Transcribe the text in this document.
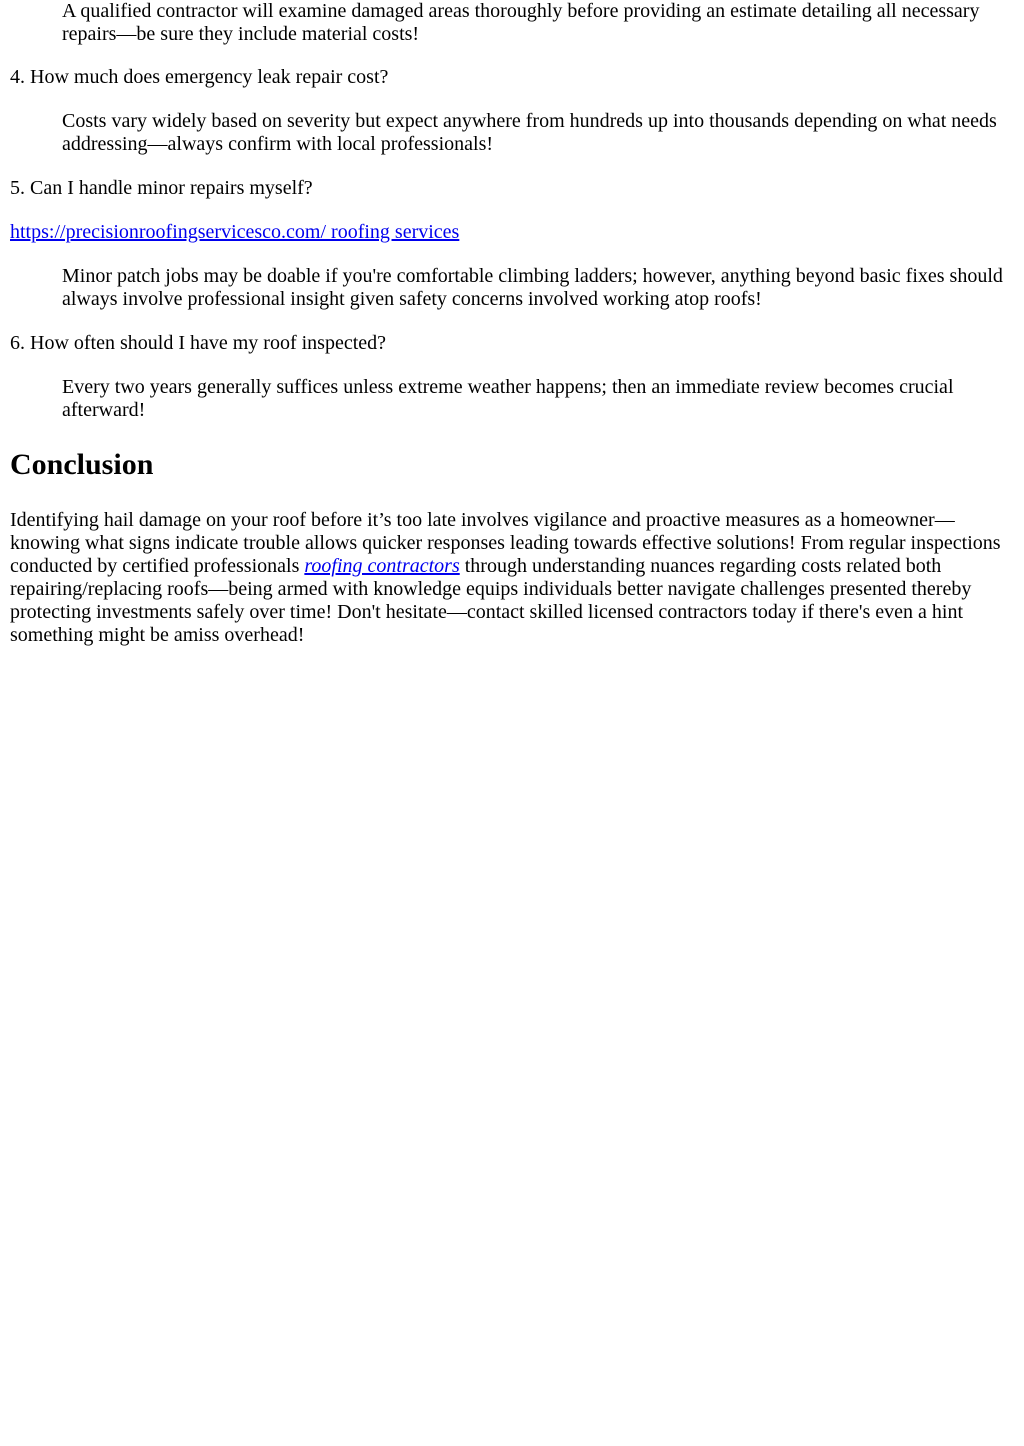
A qualified contractor will examine damaged areas thoroughly before providing an estimate detailing all necessary repairs—be sure they include material costs!

4. How much does emergency leak repair cost?

Costs vary widely based on severity but expect anywhere from hundreds up into thousands depending on what needs addressing—always confirm with local professionals!

5. Can I handle minor repairs myself?

https://precisionroofingservicesco.com/ roofing services

Minor patch jobs may be doable if you're comfortable climbing ladders; however, anything beyond basic fixes should always involve professional insight given safety concerns involved working atop roofs!

6. How often should I have my roof inspected?

Every two years generally suffices unless extreme weather happens; then an immediate review becomes crucial afterward!

Conclusion

Identifying hail damage on your roof before it’s too late involves vigilance and proactive measures as a homeowner—knowing what signs indicate trouble allows quicker responses leading towards effective solutions! From regular inspections conducted by certified professionals roofing contractors through understanding nuances regarding costs related both repairing/replacing roofs—being armed with knowledge equips individuals better navigate challenges presented thereby protecting investments safely over time! Don't hesitate—contact skilled licensed contractors today if there's even a hint something might be amiss overhead!
